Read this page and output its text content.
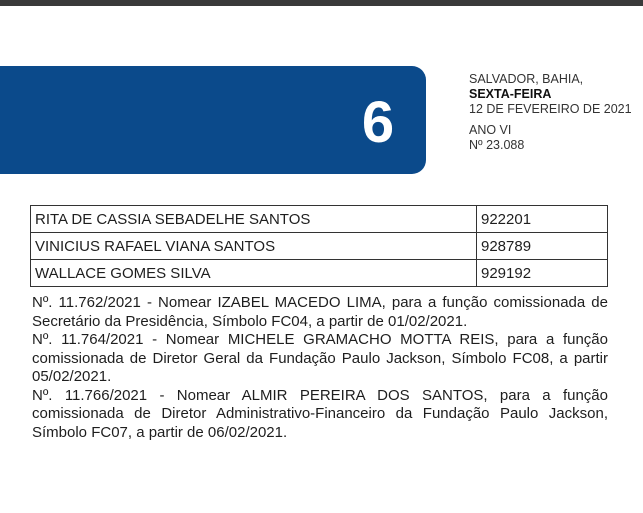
6
SALVADOR, BAHIA,
SEXTA-FEIRA
12 DE FEVEREIRO DE 2021
ANO VI
Nº 23.088
RITA DE CASSIA SEBADELHE SANTOS	922201
VINICIUS RAFAEL VIANA SANTOS	928789
WALLACE GOMES SILVA	929192

Nº. 11.762/2021 - Nomear IZABEL MACEDO LIMA, para a função comissionada de Secretário da Presidência, Símbolo FC04, a partir de 01/02/2021.

Nº. 11.764/2021 - Nomear MICHELE GRAMACHO MOTTA REIS, para a função comissionada de Diretor Geral da Fundação Paulo Jackson, Símbolo FC08, a partir 05/02/2021.

Nº. 11.766/2021 - Nomear ALMIR PEREIRA DOS SANTOS, para a função comissionada de Diretor Administrativo-Financeiro da Fundação Paulo Jackson, Símbolo FC07, a partir de 06/02/2021.
